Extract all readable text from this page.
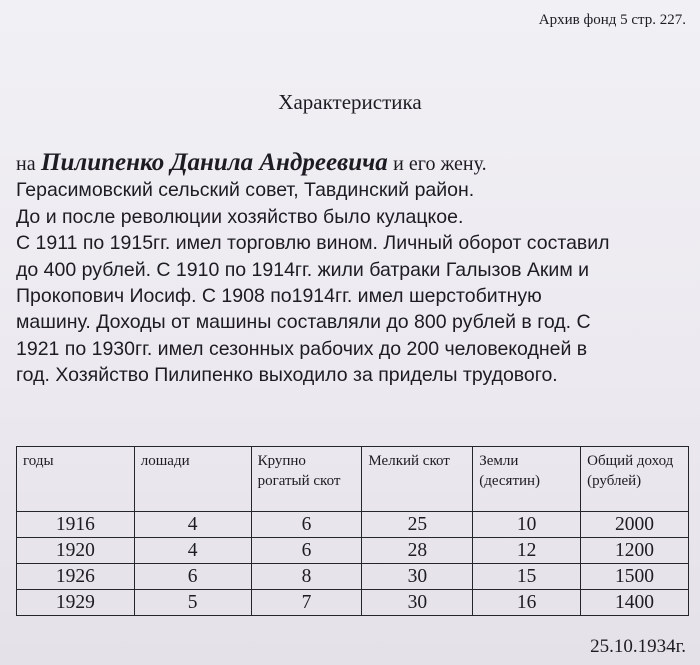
Архив фонд 5 стр. 227.
Характеристика
на Пилипенко Данила Андреевича и его жену.
Герасимовский сельский совет, Тавдинский район.
До и после революции хозяйство было кулацкое.
С 1911 по 1915гг. имел торговлю вином. Личный оборот составил
до 400 рублей. С 1910 по 1914гг. жили батраки Галызов Аким и
Прокопович Иосиф. С 1908 по1914гг. имел шерстобитную
машину. Доходы от машины составляли до 800 рублей в год. С
1921 по 1930гг. имел сезонных рабочих до 200 человекодней в
год. Хозяйство Пилипенко выходило за приделы трудового.
годы	лошади	Крупно рогатый скот	Мелкий скот	Земли (десятин)	Общий доход (рублей)
1916	4	6	25	10	2000
1920	4	6	28	12	1200
1926	6	8	30	15	1500
1929	5	7	30	16	1400
25.10.1934г.
